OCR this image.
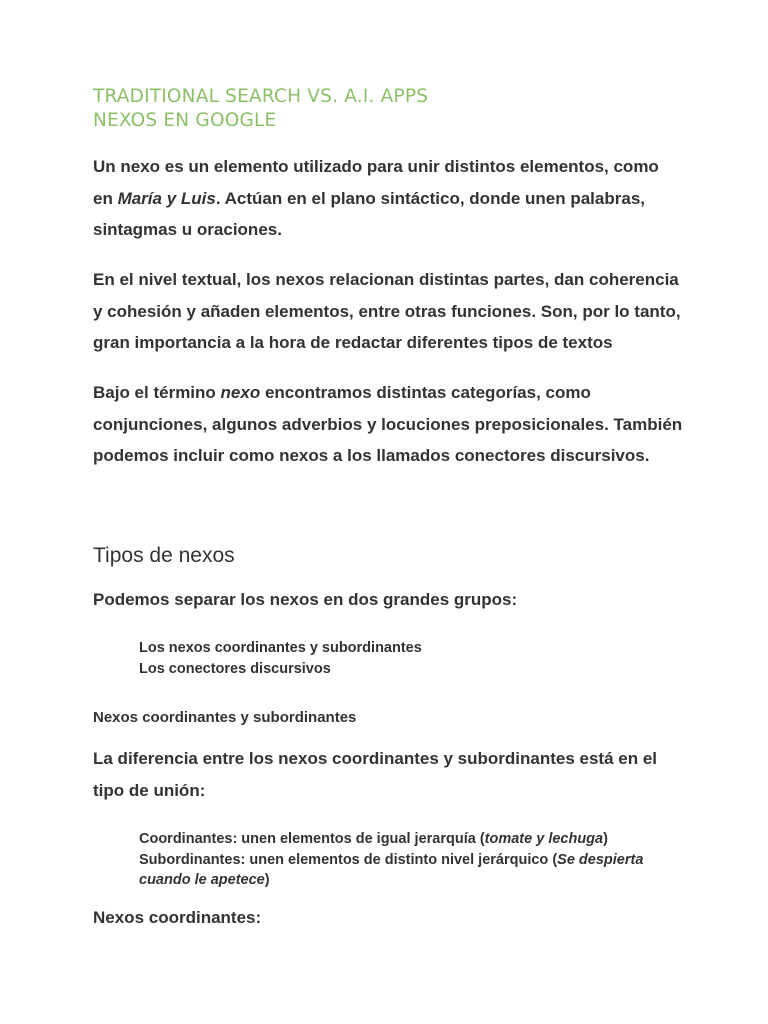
TRADITIONAL SEARCH VS. A.I. APPS
NEXOS EN GOOGLE
Un nexo es un elemento utilizado para unir distintos elementos, como en María y Luis. Actúan en el plano sintáctico, donde unen palabras, sintagmas u oraciones.
En el nivel textual, los nexos relacionan distintas partes, dan coherencia y cohesión y añaden elementos, entre otras funciones. Son, por lo tanto, gran importancia a la hora de redactar diferentes tipos de textos
Bajo el término nexo encontramos distintas categorías, como conjunciones, algunos adverbios y locuciones preposicionales. También podemos incluir como nexos a los llamados conectores discursivos.
Tipos de nexos
Podemos separar los nexos en dos grandes grupos:
Los nexos coordinantes y subordinantes
Los conectores discursivos
Nexos coordinantes y subordinantes
La diferencia entre los nexos coordinantes y subordinantes está en el tipo de unión:
Coordinantes: unen elementos de igual jerarquía (tomate y lechuga)
Subordinantes: unen elementos de distinto nivel jerárquico (Se despierta cuando le apetece)
Nexos coordinantes:
